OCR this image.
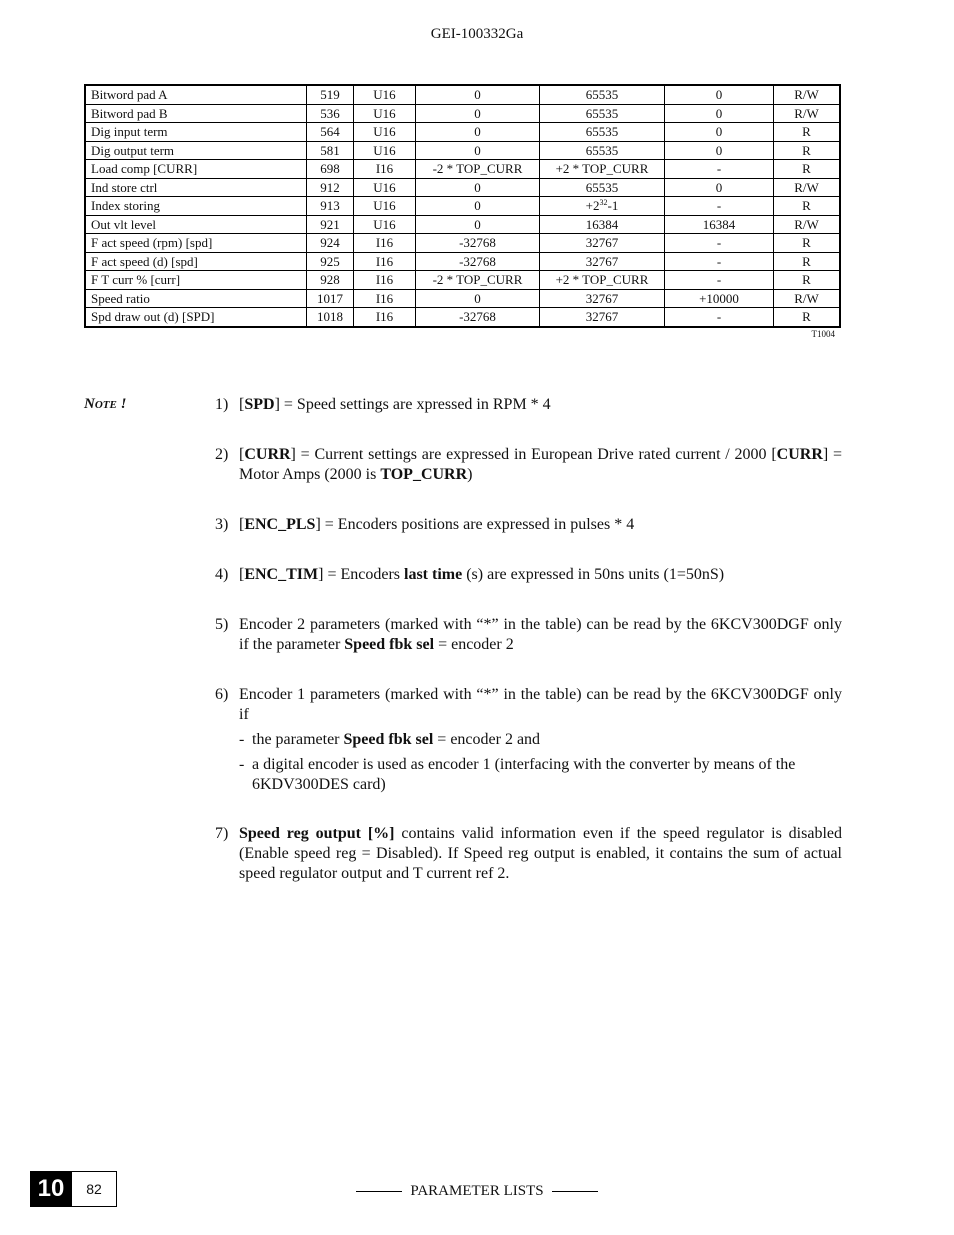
GEI-100332Ga
Bitword pad A	519	U16	0	65535	0	R/W
Bitword pad B	536	U16	0	65535	0	R/W
Dig input term	564	U16	0	65535	0	R
Dig output term	581	U16	0	65535	0	R
Load comp [CURR]	698	I16	-2 * TOP_CURR	+2 * TOP_CURR	-	R
Ind store ctrl	912	U16	0	65535	0	R/W
Index storing	913	U16	0	$+2^{32}-1$	-	R
Out vlt level	921	U16	0	16384	16384	R/W
F act speed (rpm) [spd]	924	I16	-32768	32767	-	R
F act speed (d) [spd]	925	I16	-32768	32767	-	R
F T curr % [curr]	928	I16	-2 * TOP_CURR	+2 * TOP_CURR	-	R
Speed ratio	1017	I16	0	32767	+10000	R/W
Spd draw out (d) [SPD]	1018	I16	-32768	32767	-	R
T1004
NOTE !	1) [SPD] = Speed settings are xpressed in RPM * 4
2) [CURR] = Current settings are expressed in European Drive rated current / 2000 [CURR] = Motor Amps (2000 is TOP_CURR)
3) [ENC_PLS] = Encoders positions are expressed in pulses * 4
4) [ENC_TIM] = Encoders last time (s) are expressed in 50ns units (1=50nS)
5) Encoder 2 parameters (marked with “*” in the table) can be read by the 6KCV300DGF only if the parameter Speed fbk sel = encoder 2
6) Encoder 1 parameters (marked with “*” in the table) can be read by the 6KCV300DGF only if
- the parameter Speed fbk sel = encoder 2 and
- a digital encoder is used as encoder 1 (interfacing with the converter by means of the 6KDV300DES card)
7) Speed reg output [%] contains valid information even if the speed regulator is disabled (Enable speed reg = Disabled). If Speed reg output is enabled, it contains the sum of actual speed regulator output and T current ref 2.
10	82	PARAMETER LISTS
